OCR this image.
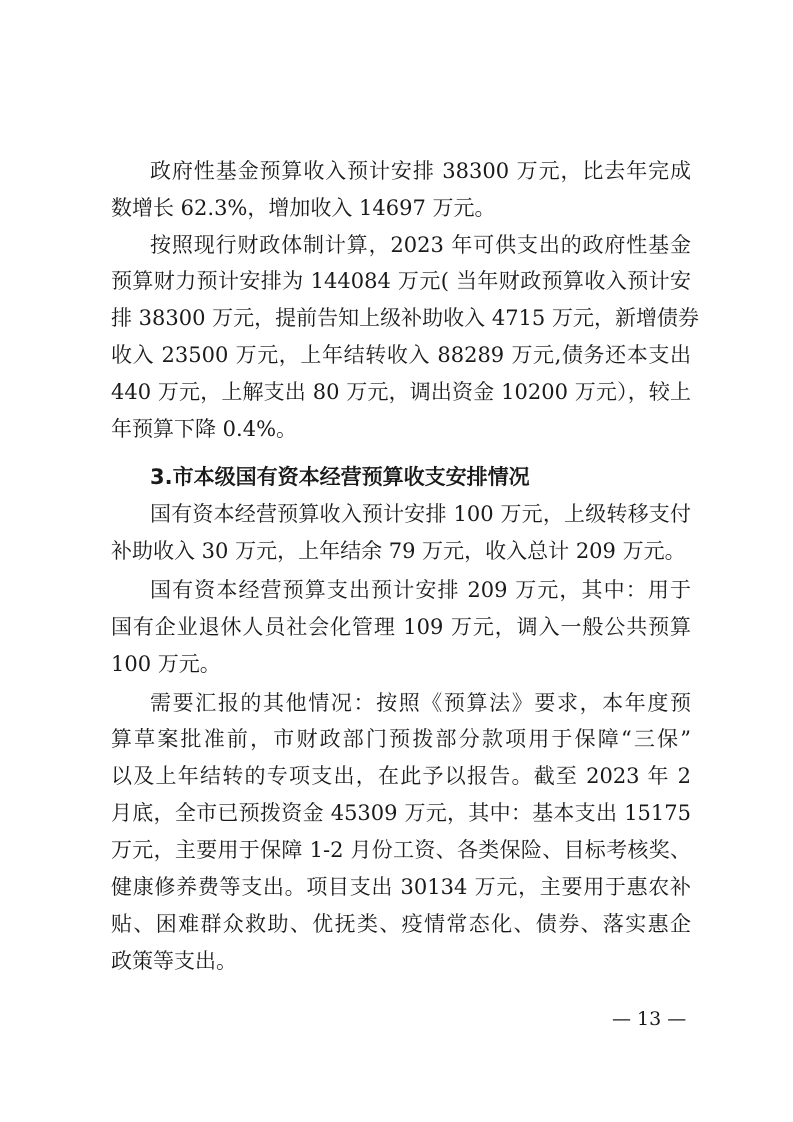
政府性基金预算收入预计安排 38300 万元，比去年完成
数增长 62.3%，增加收入 14697 万元。
按照现行财政体制计算，2023 年可供支出的政府性基金
预算财力预计安排为 144084 万元( 当年财政预算收入预计安
排 38300 万元，提前告知上级补助收入 4715 万元，新增债券
收入 23500 万元，上年结转收入 88289 万元,债务还本支出
440 万元，上解支出 80 万元，调出资金 10200 万元），较上
年预算下降 0.4%。
3.市本级国有资本经营预算收支安排情况
国有资本经营预算收入预计安排 100 万元，上级转移支付
补助收入 30 万元，上年结余 79 万元，收入总计 209 万元。
国有资本经营预算支出预计安排 209 万元，其中：用于
国有企业退休人员社会化管理 109 万元，调入一般公共预算
100 万元。
需要汇报的其他情况：按照《预算法》要求，本年度预
算草案批准前，市财政部门预拨部分款项用于保障“三保”
以及上年结转的专项支出，在此予以报告。截至 2023 年 2
月底，全市已预拨资金 45309 万元，其中：基本支出 15175
万元，主要用于保障 1-2 月份工资、各类保险、目标考核奖、
健康修养费等支出。项目支出 30134 万元，主要用于惠农补
贴、困难群众救助、优抚类、疫情常态化、债券、落实惠企
政策等支出。
— 13 —
